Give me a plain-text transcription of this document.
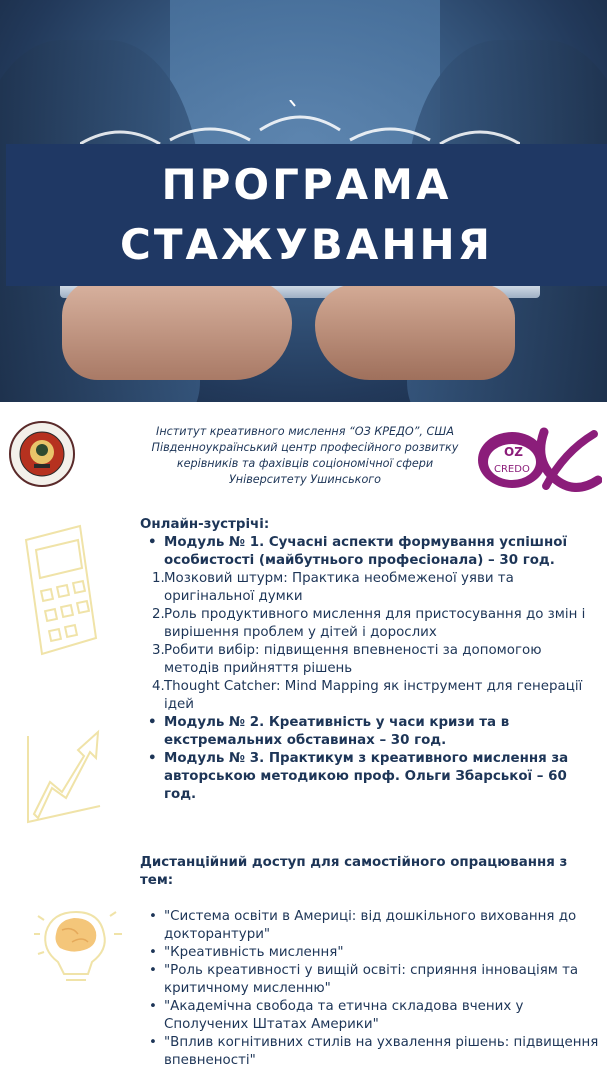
ПРОГРАМА
СТАЖУВАННЯ
Інститут креативного мислення “ОЗ КРЕДО”, США
Південноукраїнський центр професійного розвитку
керівників та фахівців соціономічної сфери
Університету Ушинського
OZ
CREDO
Онлайн-зустрічі:
• Модуль № 1. Сучасні аспекти формування успішної особистості (майбутнього професіонала) – 30 год.
1. Мозковий штурм: Практика необмеженої уяви та оригінальної думки
2. Роль продуктивного мислення для пристосування до змін і вирішення проблем у дітей і дорослих
3. Робити вибір: підвищення впевненості за допомогою методів прийняття рішень
4. Thought Catcher: Mind Mapping як інструмент для генерації ідей
• Модуль № 2. Креативність у часи кризи та в екстремальних обставинах – 30 год.
• Модуль № 3. Практикум з креативного мислення за авторською методикою проф. Ольги Збарської – 60 год.
Дистанційний доступ для самостійного опрацювання з тем:
• "Система освіти в Америці: від дошкільного виховання до докторантури"
• "Креативність мислення"
• "Роль креативності у вищій освіті: сприяння інноваціям та критичному мисленню"
• "Академічна свобода та етична складова вчених у Сполучених Штатах Америки"
• "Вплив когнітивних стилів на ухвалення рішень: підвищення впевненості"
